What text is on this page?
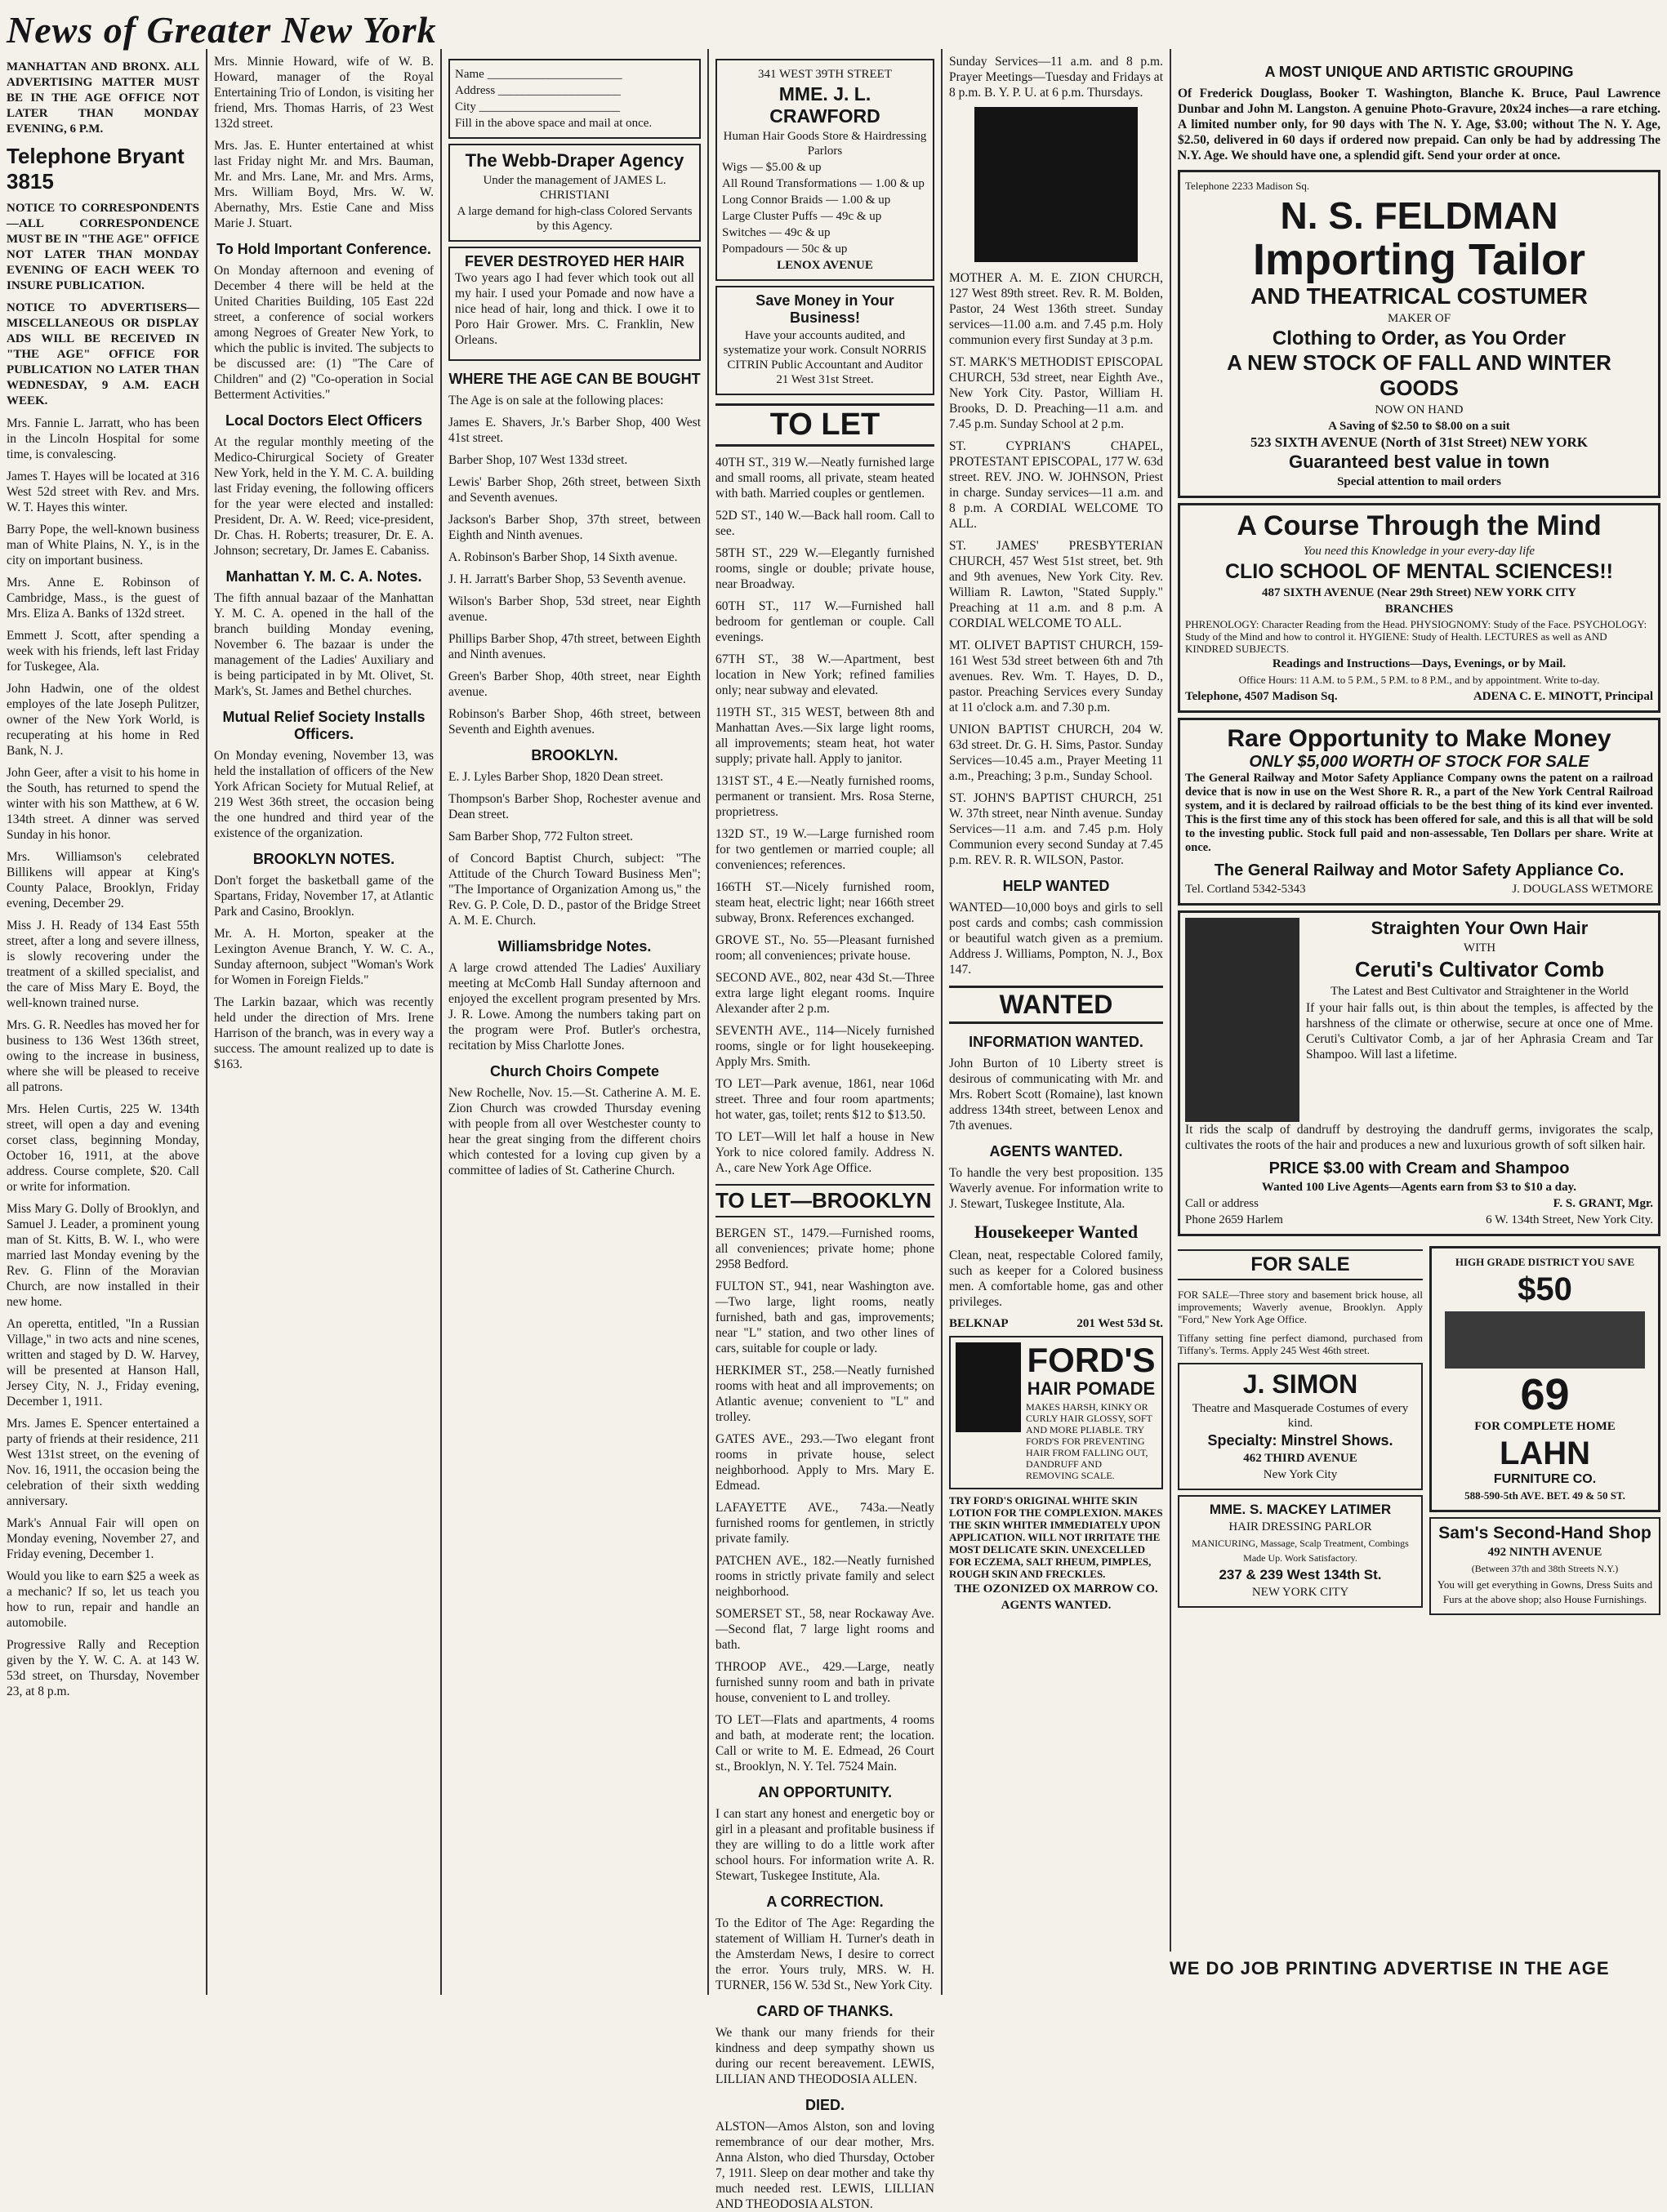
News of Greater New York

MANHATTAN AND BRONX. ALL ADVERTISING MATTER MUST BE IN THE AGE OFFICE NOT LATER THAN MONDAY EVENING, 6 P.M.

Telephone Bryant 3815

NOTICE TO CORRESPONDENTS—ALL CORRESPONDENCE MUST BE IN "THE AGE" OFFICE NOT LATER THAN MONDAY EVENING OF EACH WEEK TO INSURE PUBLICATION.

NOTICE TO ADVERTISERS—MISCELLANEOUS OR DISPLAY ADS WILL BE RECEIVED IN "THE AGE" OFFICE FOR PUBLICATION NO LATER THAN WEDNESDAY, 9 A.M. EACH WEEK.

Mrs. Fannie L. Jarratt, who has been in the Lincoln Hospital for some time, is convalescing.

James T. Hayes will be located at 316 West 52d street with Rev. and Mrs. W. T. Hayes this winter.

Barry Pope, the well-known business man of White Plains, N. Y., is in the city on important business.

Mrs. Anne E. Robinson of Cambridge, Mass., is the guest of Mrs. Eliza A. Banks of 132d street.

Emmett J. Scott, after spending a week with his friends, left last Friday for Tuskegee, Ala.

John Hadwin, one of the oldest employes of the late Joseph Pulitzer, owner of the New York World, is recuperating at his home in Red Bank, N. J.

John Geer, after a visit to his home in the South, has returned to spend the winter with his son Matthew, at 6 W. 134th street. A dinner was served Sunday in his honor.

Mrs. Williamson's celebrated Billikens will appear at King's County Palace, Brooklyn, Friday evening, December 29.

Miss J. H. Ready of 134 East 55th street, after a long and severe illness, is slowly recovering under the treatment of a skilled specialist, and the care of Miss Mary E. Boyd, the well-known trained nurse.

Mrs. G. R. Needles has moved her for business to 136 West 136th street, owing to the increase in business, where she will be pleased to receive all patrons.

Mrs. Helen Curtis, 225 W. 134th street, will open a day and evening corset class, beginning Monday, October 16, 1911, at the above address. Course complete, $20. Call or write for information.

Miss Mary G. Dolly of Brooklyn, and Samuel J. Leader, a prominent young man of St. Kitts, B. W. I., who were married last Monday evening by the Rev. G. Flinn of the Moravian Church, are now installed in their new home.

An operetta, entitled, "In a Russian Village," in two acts and nine scenes, written and staged by D. W. Harvey, will be presented at Hanson Hall, Jersey City, N. J., Friday evening, December 1, 1911.

Mrs. James E. Spencer entertained a party of friends at their residence, 211 West 131st street, on the evening of Nov. 16, 1911, the occasion being the celebration of their sixth wedding anniversary.

Mark's Annual Fair will open on Monday evening, November 27, and Friday evening, December 1.

Would you like to earn $25 a week as a mechanic? If so, let us teach you how to run, repair and handle an automobile.

Progressive Rally and Reception given by the Y. W. C. A. at 143 W. 53d street, on Thursday, November 23, at 8 p.m.

Mrs. Minnie Howard, wife of W. B. Howard, manager of the Royal Entertaining Trio of London, is visiting her friend, Mrs. Thomas Harris, of 23 West 132d street.

Mrs. Jas. E. Hunter entertained at whist last Friday night Mr. and Mrs. Bauman, Mr. and Mrs. Lane, Mr. and Mrs. Arms, Mrs. William Boyd, Mrs. W. W. Abernathy, Mrs. Estie Cane and Miss Marie J. Stuart.

To Hold Important Conference.

On Monday afternoon and evening of December 4 there will be held at the United Charities Building, 105 East 22d street, a conference of social workers among Negroes of Greater New York, to which the public is invited. The subjects to be discussed are: (1) "The Care of Children" and (2) "Co-operation in Social Betterment Activities."

Local Doctors Elect Officers

At the regular monthly meeting of the Medico-Chirurgical Society of Greater New York, held in the Y. M. C. A. building last Friday evening, the following officers for the year were elected and installed: President, Dr. A. W. Reed; vice-president, Dr. Chas. H. Roberts; treasurer, Dr. E. A. Johnson; secretary, Dr. James E. Cabaniss.

Manhattan Y. M. C. A. Notes.

The fifth annual bazaar of the Manhattan Y. M. C. A. opened in the hall of the branch building Monday evening, November 6. The bazaar is under the management of the Ladies' Auxiliary and is being participated in by Mt. Olivet, St. Mark's, St. James and Bethel churches.

Mutual Relief Society Installs Officers.

On Monday evening, November 13, was held the installation of officers of the New York African Society for Mutual Relief, at 219 West 36th street, the occasion being the one hundred and third year of the existence of the organization.

BROOKLYN NOTES.

Don't forget the basketball game of the Spartans, Friday, November 17, at Atlantic Park and Casino, Brooklyn.

Mr. A. H. Morton, speaker at the Lexington Avenue Branch, Y. W. C. A., Sunday afternoon, subject "Woman's Work for Women in Foreign Fields."

The Larkin bazaar, which was recently held under the direction of Mrs. Irene Harrison of the branch, was in every way a success. The amount realized up to date is $163.

Name ______________________
Address ____________________
City _______________________
Fill in the above space and mail at once.
The Webb-Draper Agency
Under the management of JAMES L. CHRISTIANI
A large demand for high-class Colored Servants by this Agency.
FEVER DESTROYED HER HAIR

Two years ago I had fever which took out all my hair. I used your Pomade and now have a nice head of hair, long and thick. I owe it to Poro Hair Grower. Mrs. C. Franklin, New Orleans.

WHERE THE AGE CAN BE BOUGHT

The Age is on sale at the following places:

James E. Shavers, Jr.'s Barber Shop, 400 West 41st street.

Barber Shop, 107 West 133d street.

Lewis' Barber Shop, 26th street, between Sixth and Seventh avenues.

Jackson's Barber Shop, 37th street, between Eighth and Ninth avenues.

A. Robinson's Barber Shop, 14 Sixth avenue.

J. H. Jarratt's Barber Shop, 53 Seventh avenue.

Wilson's Barber Shop, 53d street, near Eighth avenue.

Phillips Barber Shop, 47th street, between Eighth and Ninth avenues.

Green's Barber Shop, 40th street, near Eighth avenue.

Robinson's Barber Shop, 46th street, between Seventh and Eighth avenues.

BROOKLYN.

E. J. Lyles Barber Shop, 1820 Dean street.

Thompson's Barber Shop, Rochester avenue and Dean street.

Sam Barber Shop, 772 Fulton street.

of Concord Baptist Church, subject: "The Attitude of the Church Toward Business Men"; "The Importance of Organization Among us," the Rev. G. P. Cole, D. D., pastor of the Bridge Street A. M. E. Church.

Williamsbridge Notes.

A large crowd attended The Ladies' Auxiliary meeting at McComb Hall Sunday afternoon and enjoyed the excellent program presented by Mrs. J. R. Lowe. Among the numbers taking part on the program were Prof. Butler's orchestra, recitation by Miss Charlotte Jones.

Church Choirs Compete

New Rochelle, Nov. 15.—St. Catherine A. M. E. Zion Church was crowded Thursday evening with people from all over Westchester county to hear the great singing from the different choirs which contested for a loving cup given by a committee of ladies of St. Catherine Church.

341 WEST 39TH STREET
MME. J. L. CRAWFORD
Human Hair Goods Store & Hairdressing Parlors
Wigs — $5.00 & up
All Round Transformations — 1.00 & up
Long Connor Braids — 1.00 & up
Large Cluster Puffs — 49c & up
Switches — 49c & up
Pompadours — 50c & up
LENOX AVENUE
Save Money in Your Business!
Have your accounts audited, and systematize your work. Consult NORRIS CITRIN Public Accountant and Auditor 21 West 31st Street.
TO LET

40TH ST., 319 W.—Neatly furnished large and small rooms, all private, steam heated with bath. Married couples or gentlemen.

52D ST., 140 W.—Back hall room. Call to see.

58TH ST., 229 W.—Elegantly furnished rooms, single or double; private house, near Broadway.

60TH ST., 117 W.—Furnished hall bedroom for gentleman or couple. Call evenings.

67TH ST., 38 W.—Apartment, best location in New York; refined families only; near subway and elevated.

119TH ST., 315 WEST, between 8th and Manhattan Aves.—Six large light rooms, all improvements; steam heat, hot water supply; private hall. Apply to janitor.

131ST ST., 4 E.—Neatly furnished rooms, permanent or transient. Mrs. Rosa Sterne, proprietress.

132D ST., 19 W.—Large furnished room for two gentlemen or married couple; all conveniences; references.

166TH ST.—Nicely furnished room, steam heat, electric light; near 166th street subway, Bronx. References exchanged.

GROVE ST., No. 55—Pleasant furnished room; all conveniences; private house.

SECOND AVE., 802, near 43d St.—Three extra large light elegant rooms. Inquire Alexander after 2 p.m.

SEVENTH AVE., 114—Nicely furnished rooms, single or for light housekeeping. Apply Mrs. Smith.

TO LET—Park avenue, 1861, near 106d street. Three and four room apartments; hot water, gas, toilet; rents $12 to $13.50.

TO LET—Will let half a house in New York to nice colored family. Address N. A., care New York Age Office.

TO LET—BROOKLYN

BERGEN ST., 1479.—Furnished rooms, all conveniences; private home; phone 2958 Bedford.

FULTON ST., 941, near Washington ave. —Two large, light rooms, neatly furnished, bath and gas, improvements; near "L" station, and two other lines of cars, suitable for couple or lady.

HERKIMER ST., 258.—Neatly furnished rooms with heat and all improvements; on Atlantic avenue; convenient to "L" and trolley.

GATES AVE., 293.—Two elegant front rooms in private house, select neighborhood. Apply to Mrs. Mary E. Edmead.

LAFAYETTE AVE., 743a.—Neatly furnished rooms for gentlemen, in strictly private family.

PATCHEN AVE., 182.—Neatly furnished rooms in strictly private family and select neighborhood.

SOMERSET ST., 58, near Rockaway Ave.—Second flat, 7 large light rooms and bath.

THROOP AVE., 429.—Large, neatly furnished sunny room and bath in private house, convenient to L and trolley.

TO LET—Flats and apartments, 4 rooms and bath, at moderate rent; the location. Call or write to M. E. Edmead, 26 Court st., Brooklyn, N. Y. Tel. 7524 Main.

AN OPPORTUNITY.

I can start any honest and energetic boy or girl in a pleasant and profitable business if they are willing to do a little work after school hours. For information write A. R. Stewart, Tuskegee Institute, Ala.

A CORRECTION.

To the Editor of The Age: Regarding the statement of William H. Turner's death in the Amsterdam News, I desire to correct the error. Yours truly, MRS. W. H. TURNER, 156 W. 53d St., New York City.

CARD OF THANKS.

We thank our many friends for their kindness and deep sympathy shown us during our recent bereavement. LEWIS, LILLIAN AND THEODOSIA ALLEN.

DIED.

ALSTON—Amos Alston, son and loving remembrance of our dear mother, Mrs. Anna Alston, who died Thursday, October 7, 1911. Sleep on dear mother and take thy much needed rest. LEWIS, LILLIAN AND THEODOSIA ALSTON.

Sunday Services—11 a.m. and 8 p.m. Prayer Meetings—Tuesday and Fridays at 8 p.m. B. Y. P. U. at 6 p.m. Thursdays.

MOTHER A. M. E. ZION CHURCH, 127 West 89th street. Rev. R. M. Bolden, Pastor, 24 West 136th street. Sunday services—11.00 a.m. and 7.45 p.m. Holy communion every first Sunday at 3 p.m.

ST. MARK'S METHODIST EPISCOPAL CHURCH, 53d street, near Eighth Ave., New York City. Pastor, William H. Brooks, D. D. Preaching—11 a.m. and 7.45 p.m. Sunday School at 2 p.m.

ST. CYPRIAN'S CHAPEL, PROTESTANT EPISCOPAL, 177 W. 63d street. REV. JNO. W. JOHNSON, Priest in charge. Sunday services—11 a.m. and 8 p.m. A CORDIAL WELCOME TO ALL.

ST. JAMES' PRESBYTERIAN CHURCH, 457 West 51st street, bet. 9th and 9th avenues, New York City. Rev. William R. Lawton, "Stated Supply." Preaching at 11 a.m. and 8 p.m. A CORDIAL WELCOME TO ALL.

MT. OLIVET BAPTIST CHURCH, 159-161 West 53d street between 6th and 7th avenues. Rev. Wm. T. Hayes, D. D., pastor. Preaching Services every Sunday at 11 o'clock a.m. and 7.30 p.m.

UNION BAPTIST CHURCH, 204 W. 63d street. Dr. G. H. Sims, Pastor. Sunday Services—10.45 a.m., Prayer Meeting 11 a.m., Preaching; 3 p.m., Sunday School.

ST. JOHN'S BAPTIST CHURCH, 251 W. 37th street, near Ninth avenue. Sunday Services—11 a.m. and 7.45 p.m. Holy Communion every second Sunday at 7.45 p.m. REV. R. R. WILSON, Pastor.

HELP WANTED

WANTED—10,000 boys and girls to sell post cards and combs; cash commission or beautiful watch given as a premium. Address J. Williams, Pompton, N. J., Box 147.

WANTED
INFORMATION WANTED.

John Burton of 10 Liberty street is desirous of communicating with Mr. and Mrs. Robert Scott (Romaine), last known address 134th street, between Lenox and 7th avenues.

AGENTS WANTED.

To handle the very best proposition. 135 Waverly avenue. For information write to J. Stewart, Tuskegee Institute, Ala.

Housekeeper Wanted

Clean, neat, respectable Colored family, such as keeper for a Colored business men. A comfortable home, gas and other privileges.

BELKNAP	201 West 53d St.
FORD'S
HAIR POMADE
MAKES HARSH, KINKY OR CURLY HAIR GLOSSY, SOFT AND MORE PLIABLE. TRY FORD'S FOR PREVENTING HAIR FROM FALLING OUT, DANDRUFF AND REMOVING SCALE.
TRY FORD'S ORIGINAL WHITE SKIN LOTION FOR THE COMPLEXION. MAKES THE SKIN WHITER IMMEDIATELY UPON APPLICATION. WILL NOT IRRITATE THE MOST DELICATE SKIN. UNEXCELLED FOR ECZEMA, SALT RHEUM, PIMPLES, ROUGH SKIN AND FRECKLES.
THE OZONIZED OX MARROW CO.
AGENTS WANTED.
A MOST UNIQUE AND ARTISTIC GROUPING

Of Frederick Douglass, Booker T. Washington, Blanche K. Bruce, Paul Lawrence Dunbar and John M. Langston. A genuine Photo-Gravure, 20x24 inches—a rare etching. A limited number only, for 90 days with The N. Y. Age, $3.00; without The N. Y. Age, $2.50, delivered in 60 days if ordered now prepaid. Can only be had by addressing The N.Y. Age. We should have one, a splendid gift. Send your order at once.

Telephone 2233 Madison Sq.
N. S. FELDMAN
Importing Tailor
AND THEATRICAL COSTUMER
MAKER OF
Clothing to Order, as You Order
A NEW STOCK OF FALL AND WINTER GOODS
NOW ON HAND
A Saving of $2.50 to $8.00 on a suit
523 SIXTH AVENUE (North of 31st Street) NEW YORK
Guaranteed best value in town
Special attention to mail orders
A Course Through the Mind
You need this Knowledge in your every-day life
CLIO SCHOOL OF MENTAL SCIENCES!!
487 SIXTH AVENUE (Near 29th Street) NEW YORK CITY
BRANCHES
PHRENOLOGY: Character Reading from the Head. PHYSIOGNOMY: Study of the Face. PSYCHOLOGY: Study of the Mind and how to control it. HYGIENE: Study of Health. LECTURES as well as AND KINDRED SUBJECTS.
Readings and Instructions—Days, Evenings, or by Mail.
Office Hours: 11 A.M. to 5 P.M., 5 P.M. to 8 P.M., and by appointment. Write to-day.
Telephone, 4507 Madison Sq.	ADENA C. E. MINOTT, Principal
Rare Opportunity to Make Money
ONLY $5,000 WORTH OF STOCK FOR SALE

The General Railway and Motor Safety Appliance Company owns the patent on a railroad device that is now in use on the West Shore R. R., a part of the New York Central Railroad system, and it is declared by railroad officials to be the best thing of its kind ever invented. This is the first time any of this stock has been offered for sale, and this is all that will be sold to the investing public. Stock full paid and non-assessable, Ten Dollars per share. Write at once.

The General Railway and Motor Safety Appliance Co.
Tel. Cortland 5342-5343	J. DOUGLASS WETMORE
Straighten Your Own Hair
WITH
Ceruti's Cultivator Comb
The Latest and Best Cultivator and Straightener in the World

If your hair falls out, is thin about the temples, is affected by the harshness of the climate or otherwise, secure at once one of Mme. Ceruti's Cultivator Comb, a jar of her Aphrasia Cream and Tar Shampoo. Will last a lifetime.

It rids the scalp of dandruff by destroying the dandruff germs, invigorates the scalp, cultivates the roots of the hair and produces a new and luxurious growth of soft silken hair.

PRICE $3.00 with Cream and Shampoo
Wanted 100 Live Agents—Agents earn from $3 to $10 a day.
Call or address	F. S. GRANT, Mgr.
Phone 2659 Harlem	6 W. 134th Street, New York City.
FOR SALE

FOR SALE—Three story and basement brick house, all improvements; Waverly avenue, Brooklyn. Apply "Ford," New York Age Office.

Tiffany setting fine perfect diamond, purchased from Tiffany's. Terms. Apply 245 West 46th street.

J. SIMON
Theatre and Masquerade Costumes of every kind.
Specialty: Minstrel Shows.
462 THIRD AVENUE
New York City
MME. S. MACKEY LATIMER
HAIR DRESSING PARLOR
MANICURING, Massage, Scalp Treatment, Combings Made Up. Work Satisfactory.
237 & 239 West 134th St.
NEW YORK CITY
HIGH GRADE DISTRICT YOU SAVE
$50
69
FOR COMPLETE HOME
LAHN
FURNITURE CO.
588-590-5th AVE. BET. 49 & 50 ST.
Sam's Second-Hand Shop
492 NINTH AVENUE
(Between 37th and 38th Streets N.Y.)
You will get everything in Gowns, Dress Suits and Furs at the above shop; also House Furnishings.
WE DO JOB PRINTING ADVERTISE IN THE AGE
